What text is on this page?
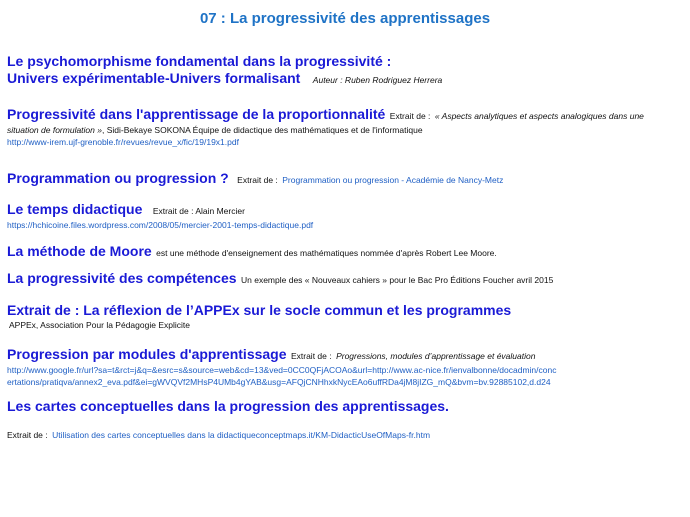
07 : La progressivité des apprentissages
Le psychomorphisme fondamental dans la progressivité :
Univers expérimentable-Univers formalisant Auteur : Ruben Rodriguez Herrera
Progressivité dans l'apprentissage de la proportionnalité Extrait de : « Aspects analytiques et aspects analogiques dans une
situation de formulation », Sidi-Bekaye SOKONA Équipe de didactique des mathématiques et de l'informatique
http://www-irem.ujf-grenoble.fr/revues/revue_x/fic/19/19x1.pdf
Programmation ou progression ? Extrait de : Programmation ou progression - Académie de Nancy-Metz
Le temps didactique Extrait de : Alain Mercier
https://hchicoine.files.wordpress.com/2008/05/mercier-2001-temps-didactique.pdf
La méthode de Moore est une méthode d'enseignement des mathématiques nommée d'après Robert Lee Moore.
La progressivité des compétences Un exemple des « Nouveaux cahiers » pour le Bac Pro Éditions Foucher avril 2015
Extrait de : La réflexion de l’APPEx sur le socle commun et les programmes
APPEx, Association Pour la Pédagogie Explicite
Progression par modules d'apprentissage Extrait de : Progressions, modules d’apprentissage et évaluation
http://www.google.fr/url?sa=t&rct=j&q=&esrc=s&source=web&cd=13&ved=0CC0QFjACOAo&url=http://www.ac-nice.fr/ienvalbonne/docadmin/conc
ertations/pratiqva/annex2_eva.pdf&ei=gWVQVf2MHsP4UMb4gYAB&usg=AFQjCNHhxkNycEAo6uffRDa4jM8jIZG_mQ&bvm=bv.92885102,d.d24
Les cartes conceptuelles dans la progression des apprentissages.
Extrait de : Utilisation des cartes conceptuelles dans la didactiqueconceptmaps.it/KM-DidacticUseOfMaps-fr.htm
